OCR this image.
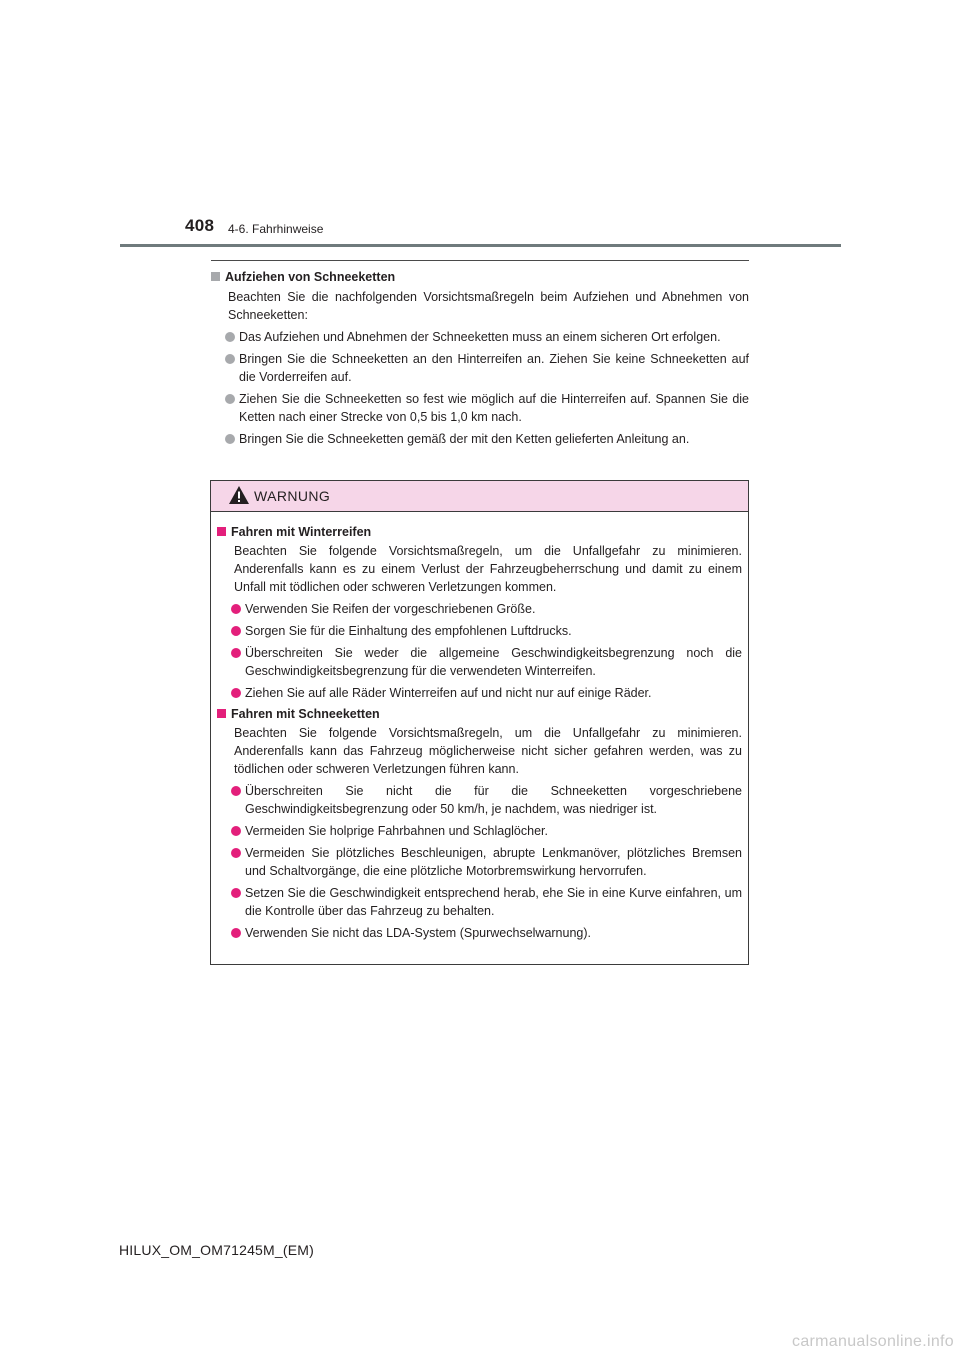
408 4-6. Fahrhinweise
Aufziehen von Schneeketten
Beachten Sie die nachfolgenden Vorsichtsmaßregeln beim Aufziehen und Abnehmen von Schneeketten:
Das Aufziehen und Abnehmen der Schneeketten muss an einem sicheren Ort erfolgen.
Bringen Sie die Schneeketten an den Hinterreifen an. Ziehen Sie keine Schneeketten auf die Vorderreifen auf.
Ziehen Sie die Schneeketten so fest wie möglich auf die Hinterreifen auf. Spannen Sie die Ketten nach einer Strecke von 0,5 bis 1,0 km nach.
Bringen Sie die Schneeketten gemäß der mit den Ketten gelieferten Anleitung an.
WARNUNG
Fahren mit Winterreifen
Beachten Sie folgende Vorsichtsmaßregeln, um die Unfallgefahr zu minimieren. Anderenfalls kann es zu einem Verlust der Fahrzeugbeherrschung und damit zu einem Unfall mit tödlichen oder schweren Verletzungen kommen.
Verwenden Sie Reifen der vorgeschriebenen Größe.
Sorgen Sie für die Einhaltung des empfohlenen Luftdrucks.
Überschreiten Sie weder die allgemeine Geschwindigkeitsbegrenzung noch die Geschwindigkeitsbegrenzung für die verwendeten Winterreifen.
Ziehen Sie auf alle Räder Winterreifen auf und nicht nur auf einige Räder.
Fahren mit Schneeketten
Beachten Sie folgende Vorsichtsmaßregeln, um die Unfallgefahr zu minimieren. Anderenfalls kann das Fahrzeug möglicherweise nicht sicher gefahren werden, was zu tödlichen oder schweren Verletzungen führen kann.
Überschreiten Sie nicht die für die Schneeketten vorgeschriebene Geschwindigkeitsbegrenzung oder 50 km/h, je nachdem, was niedriger ist.
Vermeiden Sie holprige Fahrbahnen und Schlaglöcher.
Vermeiden Sie plötzliches Beschleunigen, abrupte Lenkmanöver, plötzliches Bremsen und Schaltvorgänge, die eine plötzliche Motorbremswirkung hervorrufen.
Setzen Sie die Geschwindigkeit entsprechend herab, ehe Sie in eine Kurve einfahren, um die Kontrolle über das Fahrzeug zu behalten.
Verwenden Sie nicht das LDA-System (Spurwechselwarnung).
HILUX_OM_OM71245M_(EM)
carmanualsonline.info
